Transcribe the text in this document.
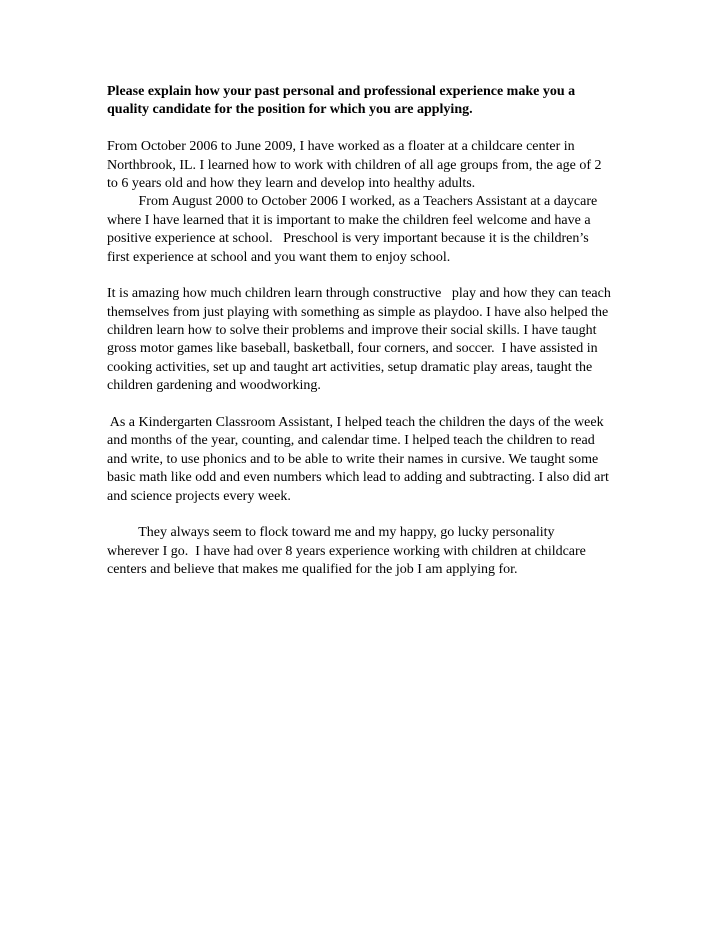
Please explain how your past personal and professional experience make you a
quality candidate for the position for which you are applying.
From October 2006 to June 2009, I have worked as a floater at a childcare center in
Northbrook, IL. I learned how to work with children of all age groups from, the age of 2
to 6 years old and how they learn and develop into healthy adults.
From August 2000 to October 2006 I worked, as a Teachers Assistant at a daycare
where I have learned that it is important to make the children feel welcome and have a
positive experience at school.   Preschool is very important because it is the children’s
first experience at school and you want them to enjoy school.
It is amazing how much children learn through constructive   play and how they can teach
themselves from just playing with something as simple as playdoo. I have also helped the
children learn how to solve their problems and improve their social skills. I have taught
gross motor games like baseball, basketball, four corners, and soccer.  I have assisted in
cooking activities, set up and taught art activities, setup dramatic play areas, taught the
children gardening and woodworking.
As a Kindergarten Classroom Assistant, I helped teach the children the days of the week
and months of the year, counting, and calendar time. I helped teach the children to read
and write, to use phonics and to be able to write their names in cursive. We taught some
basic math like odd and even numbers which lead to adding and subtracting. I also did art
and science projects every week.
They always seem to flock toward me and my happy, go lucky personality
wherever I go.  I have had over 8 years experience working with children at childcare
centers and believe that makes me qualified for the job I am applying for.
